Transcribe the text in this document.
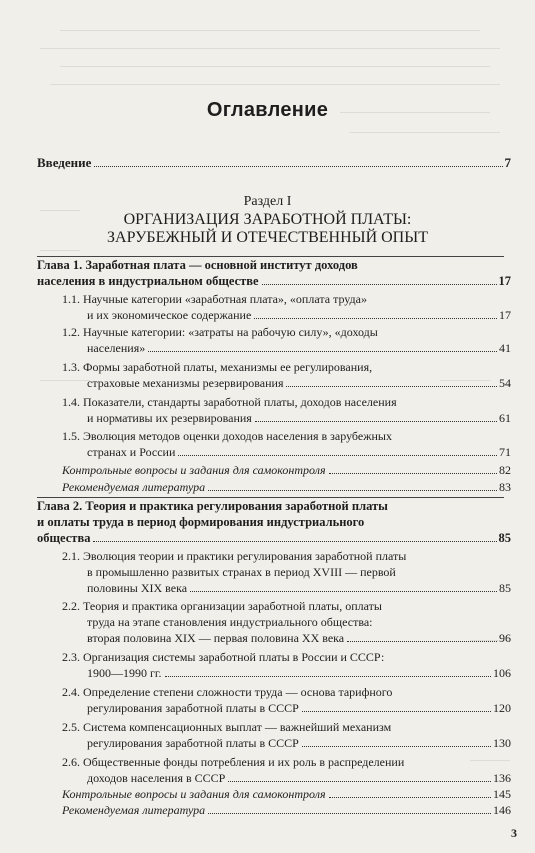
Оглавление
Введение	7
Раздел I
ОРГАНИЗАЦИЯ ЗАРАБОТНОЙ ПЛАТЫ:
ЗАРУБЕЖНЫЙ И ОТЕЧЕСТВЕННЫЙ ОПЫТ
Глава 1. Заработная плата — основной институт доходов
населения в индустриальном обществе	17
1.1. Научные категории «заработная плата», «оплата труда»
и их экономическое содержание	17
1.2. Научные категории: «затраты на рабочую силу», «доходы
населения»	41
1.3. Формы заработной платы, механизмы ее регулирования,
страховые механизмы резервирования	54
1.4. Показатели, стандарты заработной платы, доходов населения
и нормативы их резервирования	61
1.5. Эволюция методов оценки доходов населения в зарубежных
странах и России	71
Контрольные вопросы и задания для самоконтроля	82
Рекомендуемая литература	83
Глава 2. Теория и практика регулирования заработной платы
и оплаты труда в период формирования индустриального
общества	85
2.1. Эволюция теории и практики регулирования заработной платы
в промышленно развитых странах в период XVIII — первой
половины XIX века	85
2.2. Теория и практика организации заработной платы, оплаты
труда на этапе становления индустриального общества:
вторая половина XIX — первая половина XX века	96
2.3. Организация системы заработной платы в России и СССР:
1900—1990 гг.	106
2.4. Определение степени сложности труда — основа тарифного
регулирования заработной платы в СССР	120
2.5. Система компенсационных выплат — важнейший механизм
регулирования заработной платы в СССР	130
2.6. Общественные фонды потребления и их роль в распределении
доходов населения в СССР	136
Контрольные вопросы и задания для самоконтроля	145
Рекомендуемая литература	146
3
